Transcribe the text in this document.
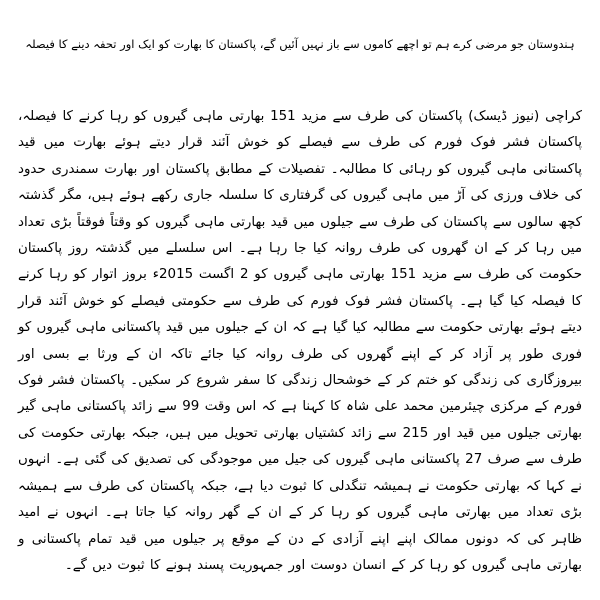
ہندوستان جو مرضی کرے ہم تو اچھے کاموں سے باز نہیں آئیں گے، پاکستان کا بھارت کو ایک اور تحفہ دینے کا فیصلہ

کراچی (نیوز ڈیسک) پاکستان کی طرف سے مزید 151 بھارتی ماہی گیروں کو رہا کرنے کا فیصلہ، پاکستان فشر فوک فورم کی طرف سے فیصلے کو خوش آئند قرار دیتے ہوئے بھارت میں قید پاکستانی ماہی گیروں کو رہائی کا مطالبہ۔ تفصیلات کے مطابق پاکستان اور بھارت سمندری حدود کی خلاف ورزی کی آڑ میں ماہی گیروں کی گرفتاری کا سلسلہ جاری رکھے ہوئے ہیں، مگر گذشتہ کچھ سالوں سے پاکستان کی طرف سے جیلوں میں قید بھارتی ماہی گیروں کو وقتاً فوقتاً بڑی تعداد میں رہا کر کے ان گھروں کی طرف روانہ کیا جا رہا ہے۔ اس سلسلے میں گذشتہ روز پاکستان حکومت کی طرف سے مزید 151 بھارتی ماہی گیروں کو 2 اگست 2015ء بروز اتوار کو رہا کرنے کا فیصلہ کیا گیا ہے۔ پاکستان فشر فوک فورم کی طرف سے حکومتی فیصلے کو خوش آئند قرار دیتے ہوئے بھارتی حکومت سے مطالبہ کیا گیا ہے کہ ان کے جیلوں میں قید پاکستانی ماہی گیروں کو فوری طور پر آزاد کر کے اپنے گھروں کی طرف روانہ کیا جائے تاکہ ان کے ورثا بے بسی اور بیروزگاری کی زندگی کو ختم کر کے خوشحال زندگی کا سفر شروع کر سکیں۔ پاکستان فشر فوک فورم کے مرکزی چیئرمین محمد علی شاہ کا کہنا ہے کہ اس وقت 99 سے زائد پاکستانی ماہی گیر بھارتی جیلوں میں قید اور 215 سے زائد کشتیاں بھارتی تحویل میں ہیں، جبکہ بھارتی حکومت کی طرف سے صرف 27 پاکستانی ماہی گیروں کی جیل میں موجودگی کی تصدیق کی گئی ہے۔ انہوں نے کہا کہ بھارتی حکومت نے ہمیشہ تنگدلی کا ثبوت دیا ہے، جبکہ پاکستان کی طرف سے ہمیشہ بڑی تعداد میں بھارتی ماہی گیروں کو رہا کر کے ان کے گھر روانہ کیا جاتا ہے۔ انہوں نے امید ظاہر کی کہ دونوں ممالک اپنے اپنے آزادی کے دن کے موقع پر جیلوں میں قید تمام پاکستانی و بھارتی ماہی گیروں کو رہا کر کے انسان دوست اور جمہوریت پسند ہونے کا ثبوت دیں گے۔
